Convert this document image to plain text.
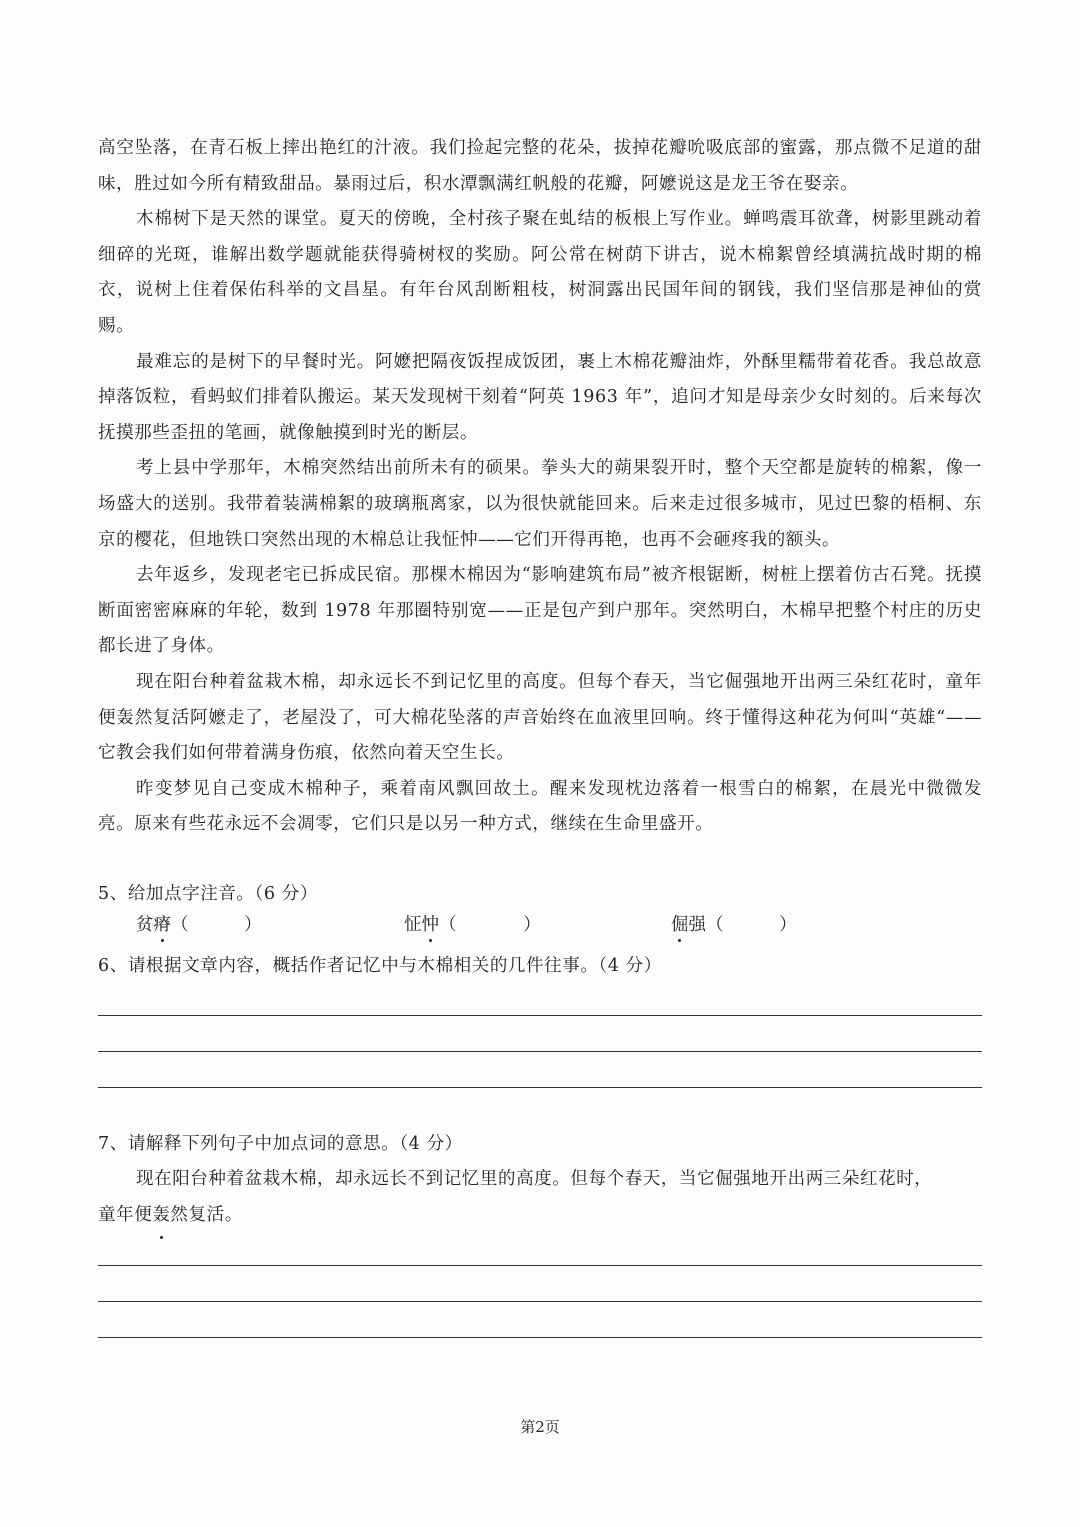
高空坠落，在青石板上摔出艳红的汁液。我们捡起完整的花朵，拔掉花瓣吮吸底部的蜜露，那点微不足道的甜味，胜过如今所有精致甜品。暴雨过后，积水潭飘满红帆般的花瓣，阿嬷说这是龙王爷在娶亲。

木棉树下是天然的课堂。夏天的傍晚，全村孩子聚在虬结的板根上写作业。蝉鸣震耳欲聋，树影里跳动着细碎的光斑，谁解出数学题就能获得骑树杈的奖励。阿公常在树荫下讲古，说木棉絮曾经填满抗战时期的棉衣，说树上住着保佑科举的文昌星。有年台风刮断粗枝，树洞露出民国年间的钢钱，我们坚信那是神仙的赏赐。

最难忘的是树下的早餐时光。阿嬷把隔夜饭捏成饭团，裹上木棉花瓣油炸，外酥里糯带着花香。我总故意掉落饭粒，看蚂蚁们排着队搬运。某天发现树干刻着“阿英 1963 年”，追问才知是母亲少女时刻的。后来每次抚摸那些歪扭的笔画，就像触摸到时光的断层。

考上县中学那年，木棉突然结出前所未有的硕果。拳头大的蒴果裂开时，整个天空都是旋转的棉絮，像一场盛大的送别。我带着装满棉絮的玻璃瓶离家，以为很快就能回来。后来走过很多城市，见过巴黎的梧桐、东京的樱花，但地铁口突然出现的木棉总让我怔忡——它们开得再艳，也再不会砸疼我的额头。

去年返乡，发现老宅已拆成民宿。那棵木棉因为“影响建筑布局”被齐根锯断，树桩上摆着仿古石凳。抚摸断面密密麻麻的年轮，数到 1978 年那圈特别宽——正是包产到户那年。突然明白，木棉早把整个村庄的历史都长进了身体。

现在阳台种着盆栽木棉，却永远长不到记忆里的高度。但每个春天，当它倔强地开出两三朵红花时，童年便轰然复活阿嬷走了，老屋没了，可大棉花坠落的声音始终在血液里回响。终于懂得这种花为何叫“英雄“——它教会我们如何带着满身伤痕，依然向着天空生长。

昨变梦见自己变成木棉种子，乘着南风飘回故土。醒来发现枕边落着一根雪白的棉絮，在晨光中微微发亮。原来有些花永远不会凋零，它们只是以另一种方式，继续在生命里盛开。

5、给加点字注音。（6 分）
贫瘠（          ）	怔忡（            ）	倔强（          ）
6、请根据文章内容，概括作者记忆中与木棉相关的几件往事。（4 分）
7、请解释下列句子中加点词的意思。（4 分）

现在阳台种着盆栽木棉，却永远长不到记忆里的高度。但每个春天，当它倔强地开出两三朵红花时，

童年便轰然复活。

第2页
